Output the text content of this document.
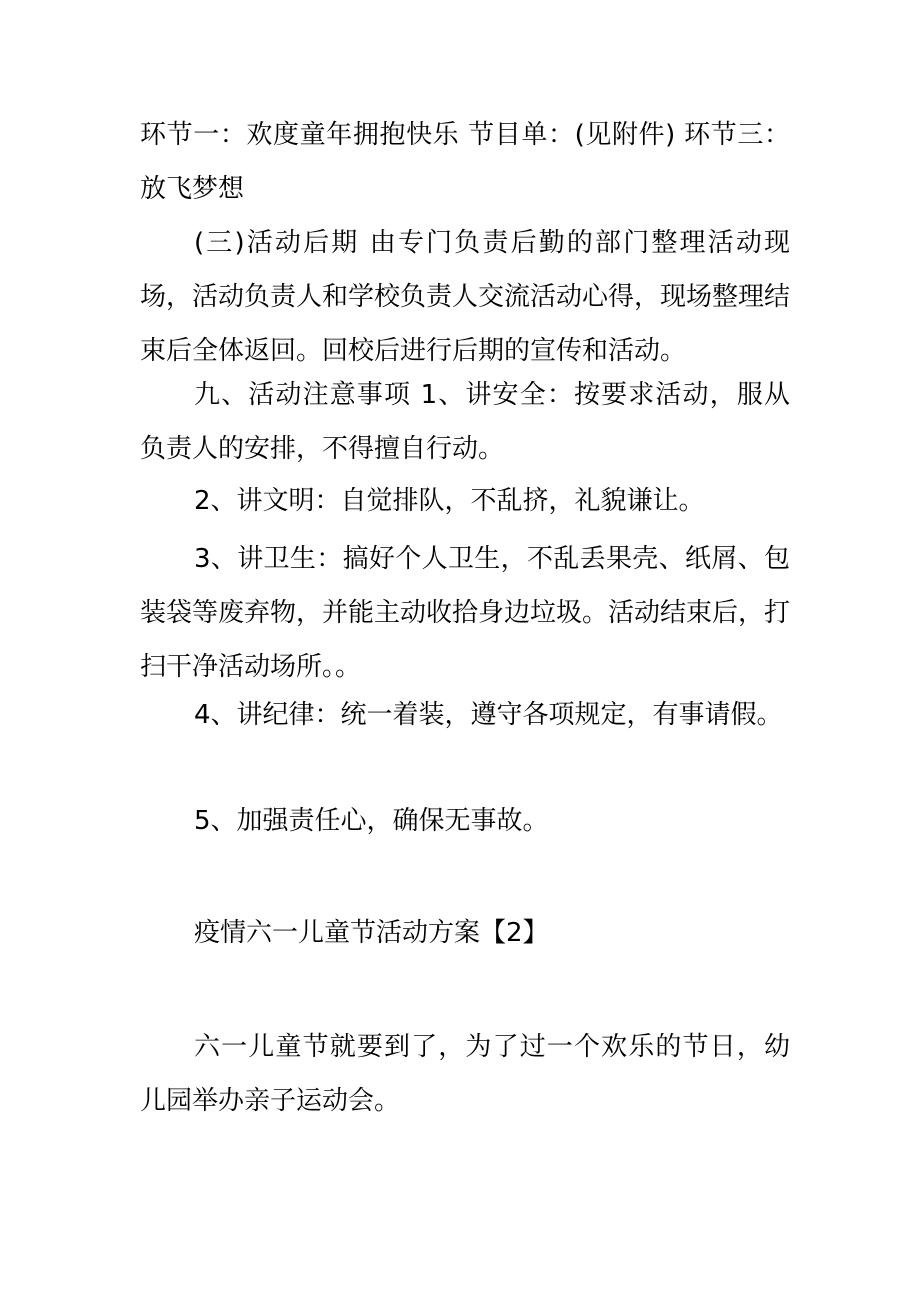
环节一：欢度童年拥抱快乐 节目单：(见附件) 环节三：放飞梦想

(三)活动后期 由专门负责后勤的部门整理活动现场，活动负责人和学校负责人交流活动心得，现场整理结束后全体返回。回校后进行后期的宣传和活动。

九、活动注意事项 1、讲安全：按要求活动，服从负责人的安排，不得擅自行动。

2、讲文明：自觉排队，不乱挤，礼貌谦让。

3、讲卫生：搞好个人卫生，不乱丢果壳、纸屑、包装袋等废弃物，并能主动收拾身边垃圾。活动结束后，打扫干净活动场所。。

4、讲纪律：统一着装，遵守各项规定，有事请假。

5、加强责任心，确保无事故。

疫情六一儿童节活动方案【2】

六一儿童节就要到了，为了过一个欢乐的节日，幼儿园举办亲子运动会。
